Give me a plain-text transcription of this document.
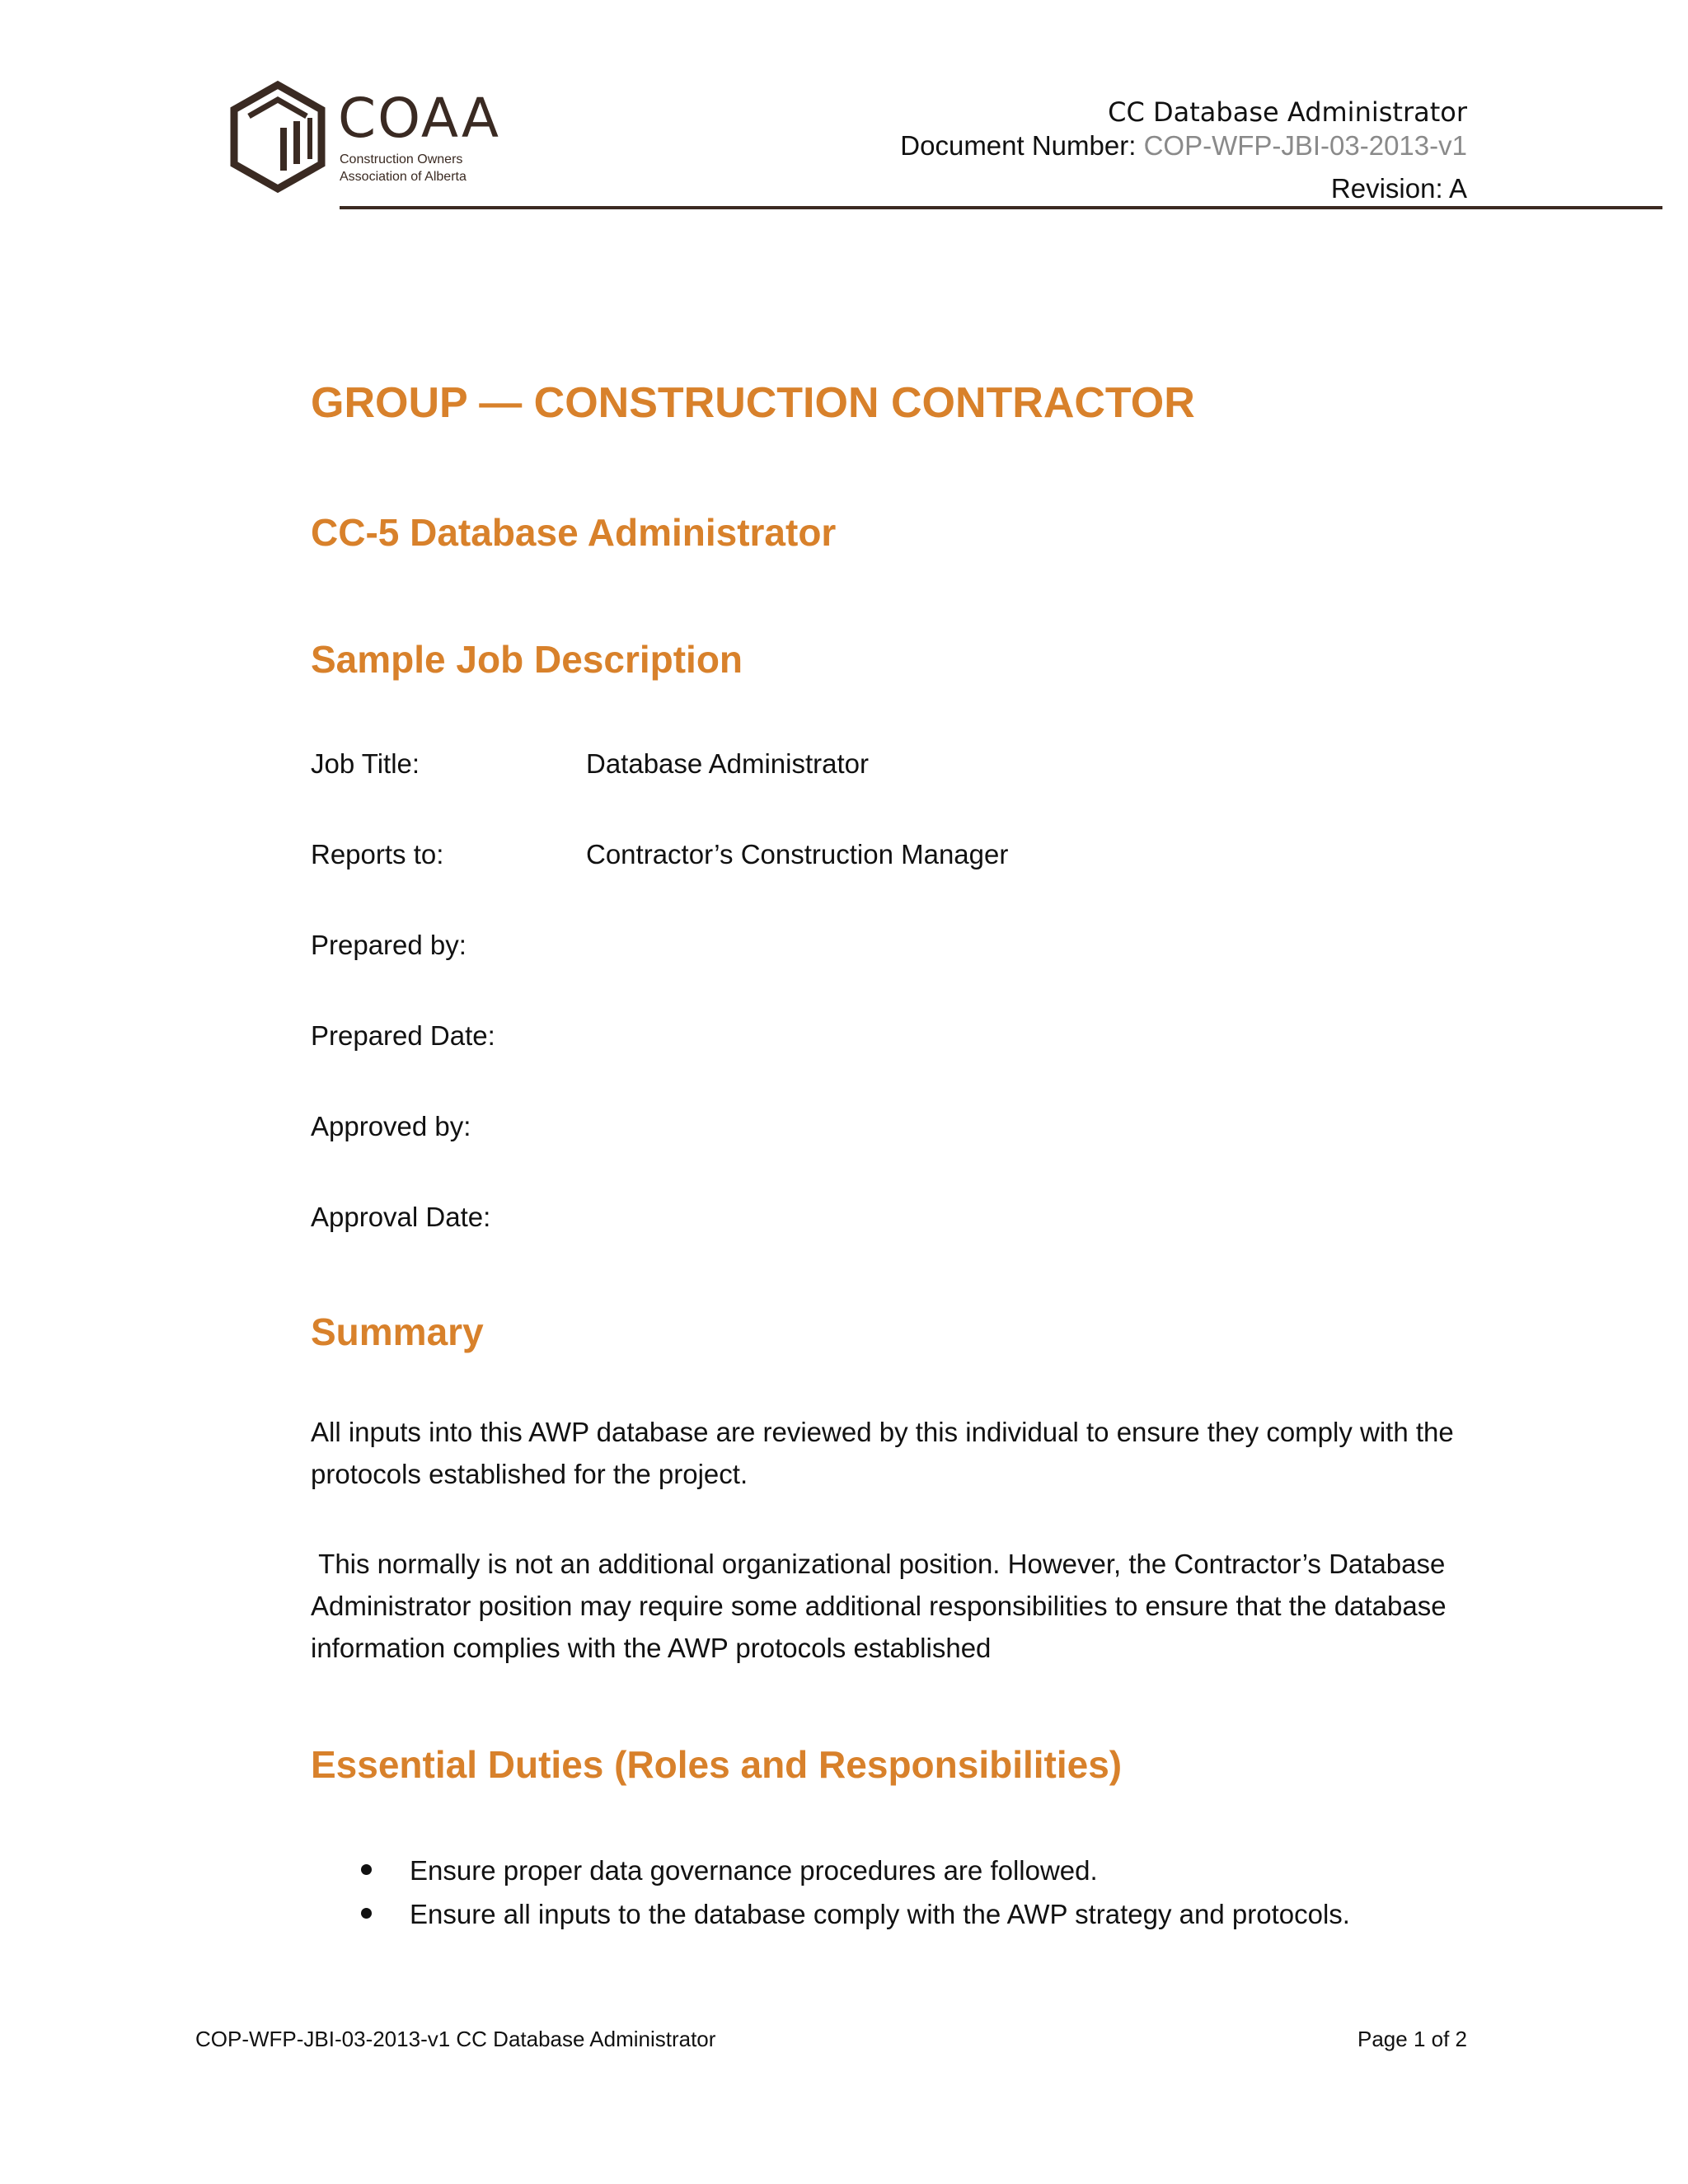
COAA
Construction Owners
Association of Alberta
CC Database Administrator
Document Number: COP-WFP-JBI-03-2013-v1
Revision: A
GROUP — CONSTRUCTION CONTRACTOR
CC-5 Database Administrator
Sample Job Description
Job Title:	Database Administrator
Reports to:	Contractor’s Construction Manager
Prepared by:
Prepared Date:
Approved by:
Approval Date:
Summary
All inputs into this AWP database are reviewed by this individual to ensure they comply with the protocols established for the project.
This normally is not an additional organizational position. However, the Contractor’s Database Administrator position may require some additional responsibilities to ensure that the database information complies with the AWP protocols established
Essential Duties (Roles and Responsibilities)
Ensure proper data governance procedures are followed.
Ensure all inputs to the database comply with the AWP strategy and protocols.
COP-WFP-JBI-03-2013-v1 CC Database Administrator	Page 1 of 2
